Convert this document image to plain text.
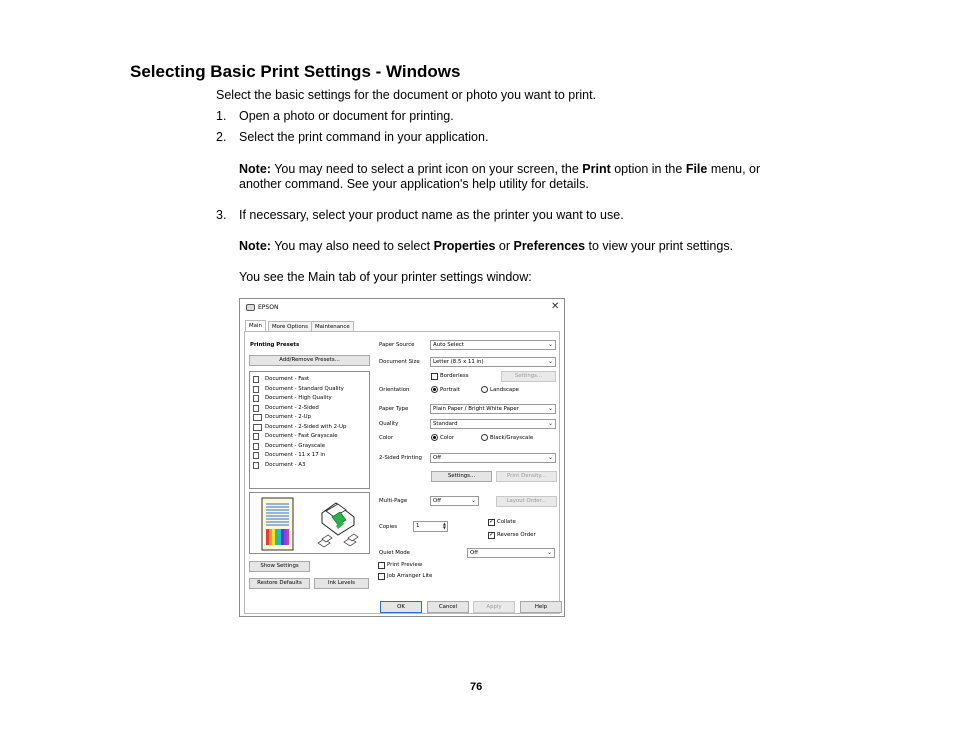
Selecting Basic Print Settings - Windows
Select the basic settings for the document or photo you want to print.
1. Open a photo or document for printing.
2. Select the print command in your application.
Note: You may need to select a print icon on your screen, the Print option in the File menu, or
another command. See your application's help utility for details.
3. If necessary, select your product name as the printer you want to use.
Note: You may also need to select Properties or Preferences to view your print settings.
You see the Main tab of your printer settings window:
EPSON	✕
Main	More Options	Maintenance
Printing Presets
Add/Remove Presets...
Document - Fast
Document - Standard Quality
Document - High Quality
Document - 2-Sided
Document - 2-Up
Document - 2-Sided with 2-Up
Document - Fast Grayscale
Document - Grayscale
Document - 11 x 17 in
Document - A3
Show Settings
Restore Defaults	Ink Levels
Paper Source	Auto Select	⌄
Document Size Letter (8.5 x 11 in)	⌄
Borderless	Settings...
Orientation	Portrait	Landscape
Paper Type	Plain Paper / Bright White Paper	⌄
Quality	Standard	⌄
Color	Color	Black/Grayscale
2-Sided Printing Off	⌄
Settings...	Print Density...
Multi-Page	Off	⌄	Layout Order...
Copies	1	▲
▼
✓ Collate
✓ Reverse Order
Quiet Mode	Off	⌄
Print Preview
Job Arranger Lite
OK	Cancel	Apply	Help
76
